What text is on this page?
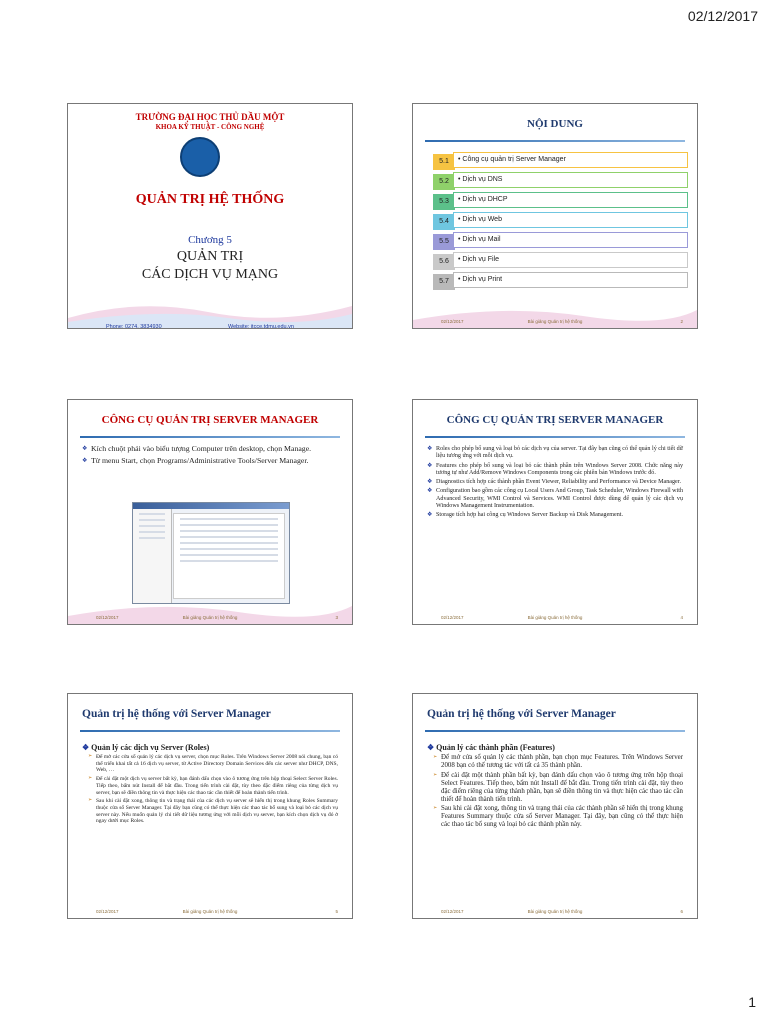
02/12/2017
TRƯỜNG ĐẠI HỌC THỦ DẦU MỘT
KHOA KỸ THUẬT - CÔNG NGHỆ
QUẢN TRỊ HỆ THỐNG
Chương 5
QUẢN TRỊ
CÁC DỊCH VỤ MẠNG
Phone: 0274. 3834930	Website: itcce.tdmu.edu.vn
NỘI DUNG
5.1	• Công cụ quản trị Server Manager
5.2	• Dịch vụ DNS
5.3	• Dịch vụ DHCP
5.4	• Dịch vụ Web
5.5	• Dịch vụ Mail
5.6	• Dịch vụ File
5.7	• Dịch vụ Print
02/12/2017	Bài giảng Quản trị hệ thống	2
CÔNG CỤ QUẢN TRỊ SERVER MANAGER

❖ Kích chuột phải vào biểu tượng Computer trên desktop, chọn Manage.

❖ Từ menu Start, chọn Programs/Administrative Tools/Server Manager.

02/12/2017	Bài giảng Quản trị hệ thống	3
CÔNG CỤ QUẢN TRỊ SERVER MANAGER

❖ Roles cho phép bổ sung và loại bỏ các dịch vụ của server. Tại đây bạn cũng có thể quản lý chi tiết dữ liệu tương ứng với mỗi dịch vụ.

❖ Features cho phép bổ sung và loại bỏ các thành phần trên Windows Server 2008. Chức năng này tương tự như Add/Remove Windows Components trong các phiên bản Windows trước đó.

❖ Diagnostics tích hợp các thành phần Event Viewer, Reliability and Performance và Device Manager.

❖ Configuration bao gồm các công cụ Local Users And Group, Task Scheduler, Windows Firewall with Advanced Security, WMI Control và Services. WMI Control được dùng để quản lý các dịch vụ Windows Management Instrumentation.

❖ Storage tích hợp hai công cụ Windows Server Backup và Disk Management.

02/12/2017	Bài giảng Quản trị hệ thống	4
Quản trị hệ thống với Server Manager
❖ Quản lý các dịch vụ Server (Roles)

➢ Để mở các cửa sổ quản lý các dịch vụ server, chọn mục Roles. Trên Windows Server 2008 nói chung, bạn có thể triển khai tất cả 16 dịch vụ server, từ Active Directory Domain Services đến các server như DHCP, DNS, Web, …

➢ Để cài đặt một dịch vụ server bất kỳ, bạn đánh dấu chọn vào ô tương ứng trên hộp thoại Select Server Roles. Tiếp theo, bấm nút Install để bắt đầu. Trong tiến trình cài đặt, tùy theo đặc điểm riêng của từng dịch vụ server, bạn sẽ điền thông tin và thực hiện các thao tác cần thiết để hoàn thành tiến trình.

➢ Sau khi cài đặt xong, thông tin và trạng thái của các dịch vụ server sẽ hiển thị trong khung Roles Summary thuộc cửa sổ Server Manager. Tại đây bạn cũng có thể thực hiện các thao tác bổ sung và loại bỏ các dịch vụ server này. Nếu muốn quản lý chi tiết dữ liệu tương ứng với mỗi dịch vụ server, bạn kích chọn dịch vụ đó ở ngay dưới mục Roles.

02/12/2017	Bài giảng Quản trị hệ thống	5
Quản trị hệ thống với Server Manager
❖ Quản lý các thành phần (Features)

➢ Để mở cửa sổ quản lý các thành phần, bạn chọn mục Features. Trên Windows Server 2008 bạn có thể tương tác với tất cả 35 thành phần.

➢ Để cài đặt một thành phần bất kỳ, bạn đánh dấu chọn vào ô tương ứng trên hộp thoại Select Features. Tiếp theo, bấm nút Install để bắt đầu. Trong tiến trình cài đặt, tùy theo đặc điểm riêng của từng thành phần, bạn sẽ điền thông tin và thực hiện các thao tác cần thiết để hoàn thành tiến trình.

➢ Sau khi cài đặt xong, thông tin và trạng thái của các thành phần sẽ hiển thị trong khung Features Summary thuộc cửa sổ Server Manager. Tại đây, bạn cũng có thể thực hiện các thao tác bổ sung và loại bỏ các thành phần này.

02/12/2017	Bài giảng Quản trị hệ thống	6
1
